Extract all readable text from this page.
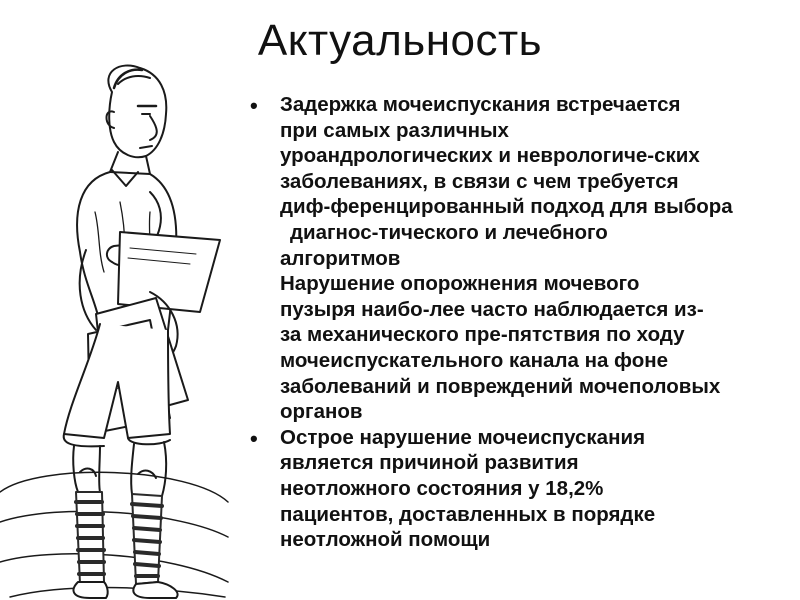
Актуальность
• Задержка мочеиспускания встречается
при самых различных
уроандрологических и неврологиче-ских
заболеваниях, в связи с чем требуется
диф-ференцированный подход для выбора
диагнос-тического и лечебного
алгоритмов
Нарушение опорожнения мочевого
пузыря наибо-лее часто наблюдается из-
за механического пре-пятствия по ходу
мочеиспускательного канала на фоне
заболеваний и повреждений мочеполовых
органов
• Острое нарушение мочеиспускания
является причиной развития
неотложного состояния у 18,2%
пациентов, доставленных в порядке
неотложной помощи
